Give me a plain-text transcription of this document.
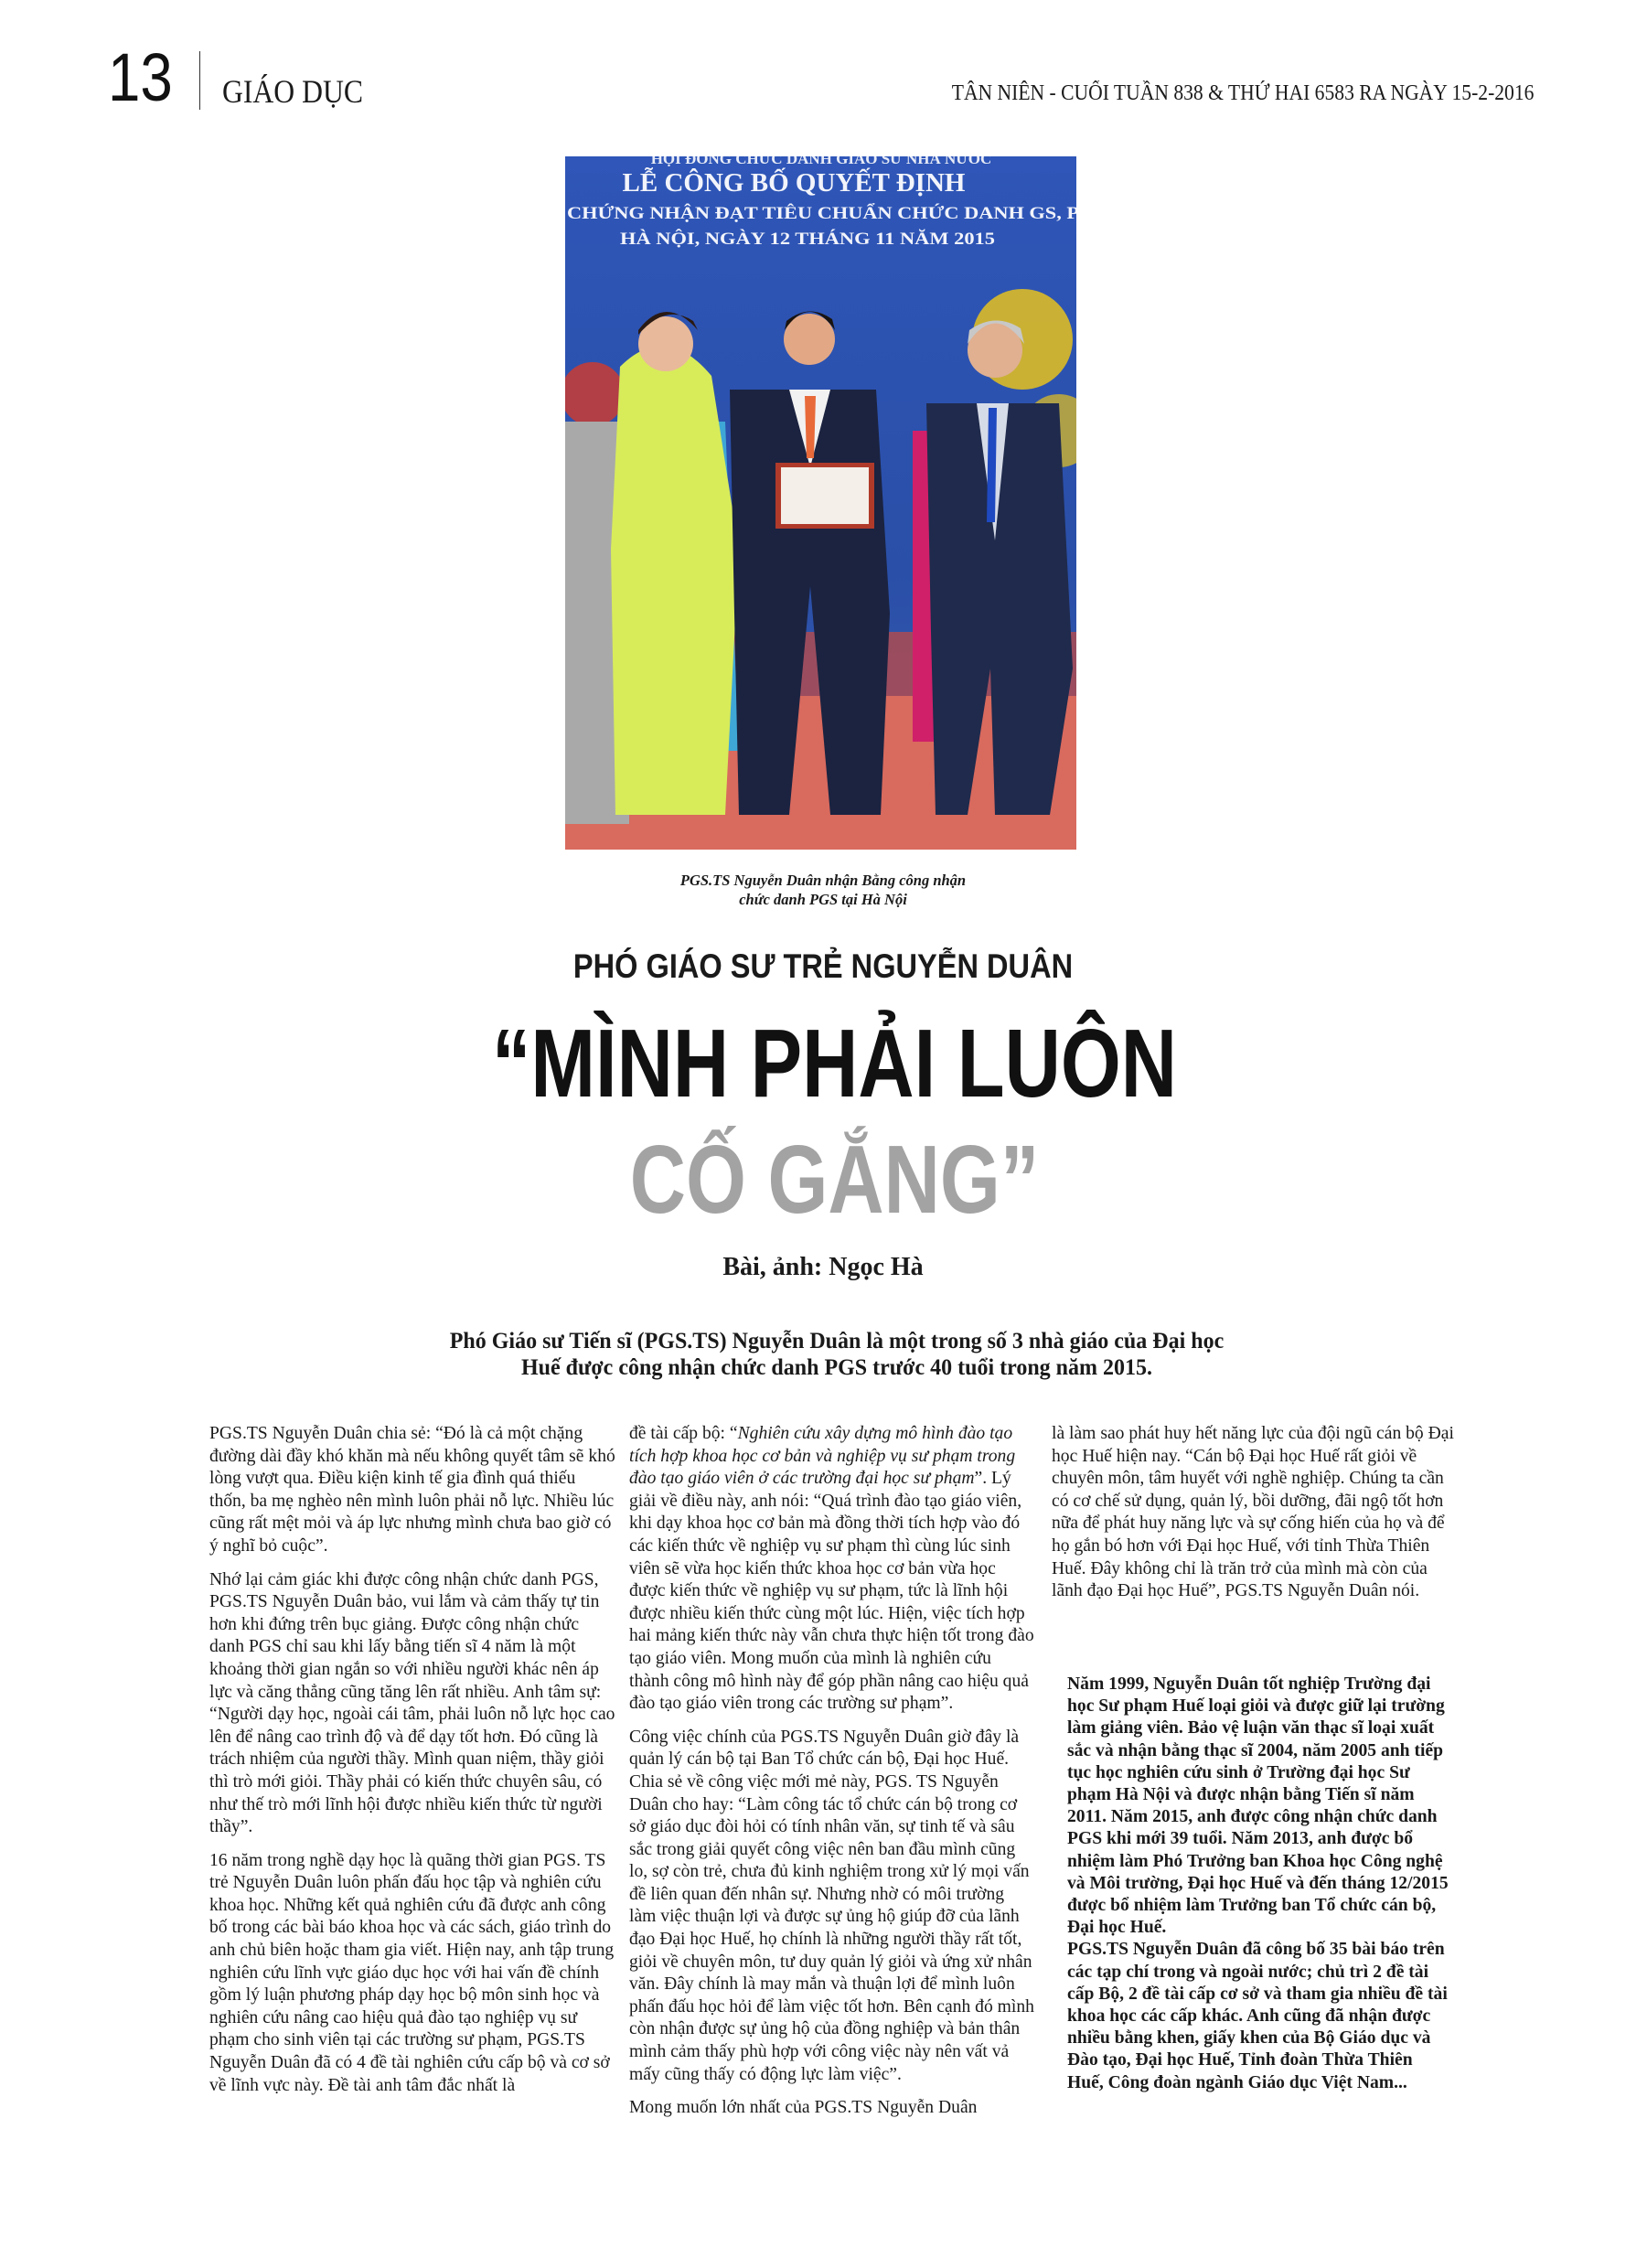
13 GIÁO DỤC	TÂN NIÊN - CUỐI TUẦN 838 & THỨ HAI 6583 RA NGÀY 15-2-2016
HỘI ĐỒNG CHỨC DANH GIÁO SƯ NHÀ NƯỚC
LỄ CÔNG BỐ QUYẾT ĐỊNH
CHỨNG NHẬN ĐẠT TIÊU CHUẨN CHỨC DANH GS, P
HÀ NỘI, NGÀY 12 THÁNG 11 NĂM 2015
PGS.TS Nguyễn Duân nhận Bằng công nhận
chức danh PGS tại Hà Nội
PHÓ GIÁO SƯ TRẺ NGUYỄN DUÂN
“MÌNH PHẢI LUÔN
CỐ GẮNG”
Bài, ảnh: Ngọc Hà
Phó Giáo sư Tiến sĩ (PGS.TS) Nguyễn Duân là một trong số 3 nhà giáo của Đại học
Huế được công nhận chức danh PGS trước 40 tuổi trong năm 2015.

PGS.TS Nguyễn Duân chia sẻ: “Đó là cả một chặng đường dài đầy khó khăn mà nếu không quyết tâm sẽ khó lòng vượt qua. Điều kiện kinh tế gia đình quá thiếu thốn, ba mẹ nghèo nên mình luôn phải nỗ lực. Nhiều lúc cũng rất mệt mỏi và áp lực nhưng mình chưa bao giờ có ý nghĩ bỏ cuộc”.

Nhớ lại cảm giác khi được công nhận chức danh PGS, PGS.TS Nguyễn Duân bảo, vui lắm và cảm thấy tự tin hơn khi đứng trên bục giảng. Được công nhận chức danh PGS chỉ sau khi lấy bằng tiến sĩ 4 năm là một khoảng thời gian ngắn so với nhiều người khác nên áp lực và căng thẳng cũng tăng lên rất nhiều. Anh tâm sự: “Người dạy học, ngoài cái tâm, phải luôn nỗ lực học cao lên để nâng cao trình độ và để dạy tốt hơn. Đó cũng là trách nhiệm của người thầy. Mình quan niệm, thầy giỏi thì trò mới giỏi. Thầy phải có kiến thức chuyên sâu, có như thế trò mới lĩnh hội được nhiều kiến thức từ người thầy”.

16 năm trong nghề dạy học là quãng thời gian PGS. TS trẻ Nguyễn Duân luôn phấn đấu học tập và nghiên cứu khoa học. Những kết quả nghiên cứu đã được anh công bố trong các bài báo khoa học và các sách, giáo trình do anh chủ biên hoặc tham gia viết. Hiện nay, anh tập trung nghiên cứu lĩnh vực giáo dục học với hai vấn đề chính gồm lý luận phương pháp dạy học bộ môn sinh học và nghiên cứu nâng cao hiệu quả đào tạo nghiệp vụ sư phạm cho sinh viên tại các trường sư phạm, PGS.TS Nguyễn Duân đã có 4 đề tài nghiên cứu cấp bộ và cơ sở về lĩnh vực này. Đề tài anh tâm đắc nhất là

đề tài cấp bộ: “Nghiên cứu xây dựng mô hình đào tạo tích hợp khoa học cơ bản và nghiệp vụ sư phạm trong đào tạo giáo viên ở các trường đại học sư phạm”. Lý giải về điều này, anh nói: “Quá trình đào tạo giáo viên, khi dạy khoa học cơ bản mà đồng thời tích hợp vào đó các kiến thức về nghiệp vụ sư phạm thì cùng lúc sinh viên sẽ vừa học kiến thức khoa học cơ bản vừa học được kiến thức về nghiệp vụ sư phạm, tức là lĩnh hội được nhiều kiến thức cùng một lúc. Hiện, việc tích hợp hai mảng kiến thức này vẫn chưa thực hiện tốt trong đào tạo giáo viên. Mong muốn của mình là nghiên cứu thành công mô hình này để góp phần nâng cao hiệu quả đào tạo giáo viên trong các trường sư phạm”.

Công việc chính của PGS.TS Nguyễn Duân giờ đây là quản lý cán bộ tại Ban Tổ chức cán bộ, Đại học Huế. Chia sẻ về công việc mới mẻ này, PGS. TS Nguyễn Duân cho hay: “Làm công tác tổ chức cán bộ trong cơ sở giáo dục đòi hỏi có tính nhân văn, sự tinh tế và sâu sắc trong giải quyết công việc nên ban đầu mình cũng lo, sợ còn trẻ, chưa đủ kinh nghiệm trong xử lý mọi vấn đề liên quan đến nhân sự. Nhưng nhờ có môi trường làm việc thuận lợi và được sự ủng hộ giúp đỡ của lãnh đạo Đại học Huế, họ chính là những người thầy rất tốt, giỏi về chuyên môn, tư duy quản lý giỏi và ứng xử nhân văn. Đây chính là may mắn và thuận lợi để mình luôn phấn đấu học hỏi để làm việc tốt hơn. Bên cạnh đó mình còn nhận được sự ủng hộ của đồng nghiệp và bản thân mình cảm thấy phù hợp với công việc này nên vất vả mấy cũng thấy có động lực làm việc”.

Mong muốn lớn nhất của PGS.TS Nguyễn Duân

là làm sao phát huy hết năng lực của đội ngũ cán bộ Đại học Huế hiện nay. “Cán bộ Đại học Huế rất giỏi về chuyên môn, tâm huyết với nghề nghiệp. Chúng ta cần có cơ chế sử dụng, quản lý, bồi dưỡng, đãi ngộ tốt hơn nữa để phát huy năng lực và sự cống hiến của họ và để họ gắn bó hơn với Đại học Huế, với tỉnh Thừa Thiên Huế. Đây không chỉ là trăn trở của mình mà còn của lãnh đạo Đại học Huế”, PGS.TS Nguyễn Duân nói.

Năm 1999, Nguyễn Duân tốt nghiệp Trường đại học Sư phạm Huế loại giỏi và được giữ lại trường làm giảng viên. Bảo vệ luận văn thạc sĩ loại xuất sắc và nhận bằng thạc sĩ 2004, năm 2005 anh tiếp tục học nghiên cứu sinh ở Trường đại học Sư phạm Hà Nội và được nhận bằng Tiến sĩ năm 2011. Năm 2015, anh được công nhận chức danh PGS khi mới 39 tuổi. Năm 2013, anh được bổ nhiệm làm Phó Trưởng ban Khoa học Công nghệ và Môi trường, Đại học Huế và đến tháng 12/2015 được bổ nhiệm làm Trưởng ban Tổ chức cán bộ, Đại học Huế.

PGS.TS Nguyễn Duân đã công bố 35 bài báo trên các tạp chí trong và ngoài nước; chủ trì 2 đề tài cấp Bộ, 2 đề tài cấp cơ sở và tham gia nhiều đề tài khoa học các cấp khác. Anh cũng đã nhận được nhiều bằng khen, giấy khen của Bộ Giáo dục và Đào tạo, Đại học Huế, Tỉnh đoàn Thừa Thiên Huế, Công đoàn ngành Giáo dục Việt Nam...
